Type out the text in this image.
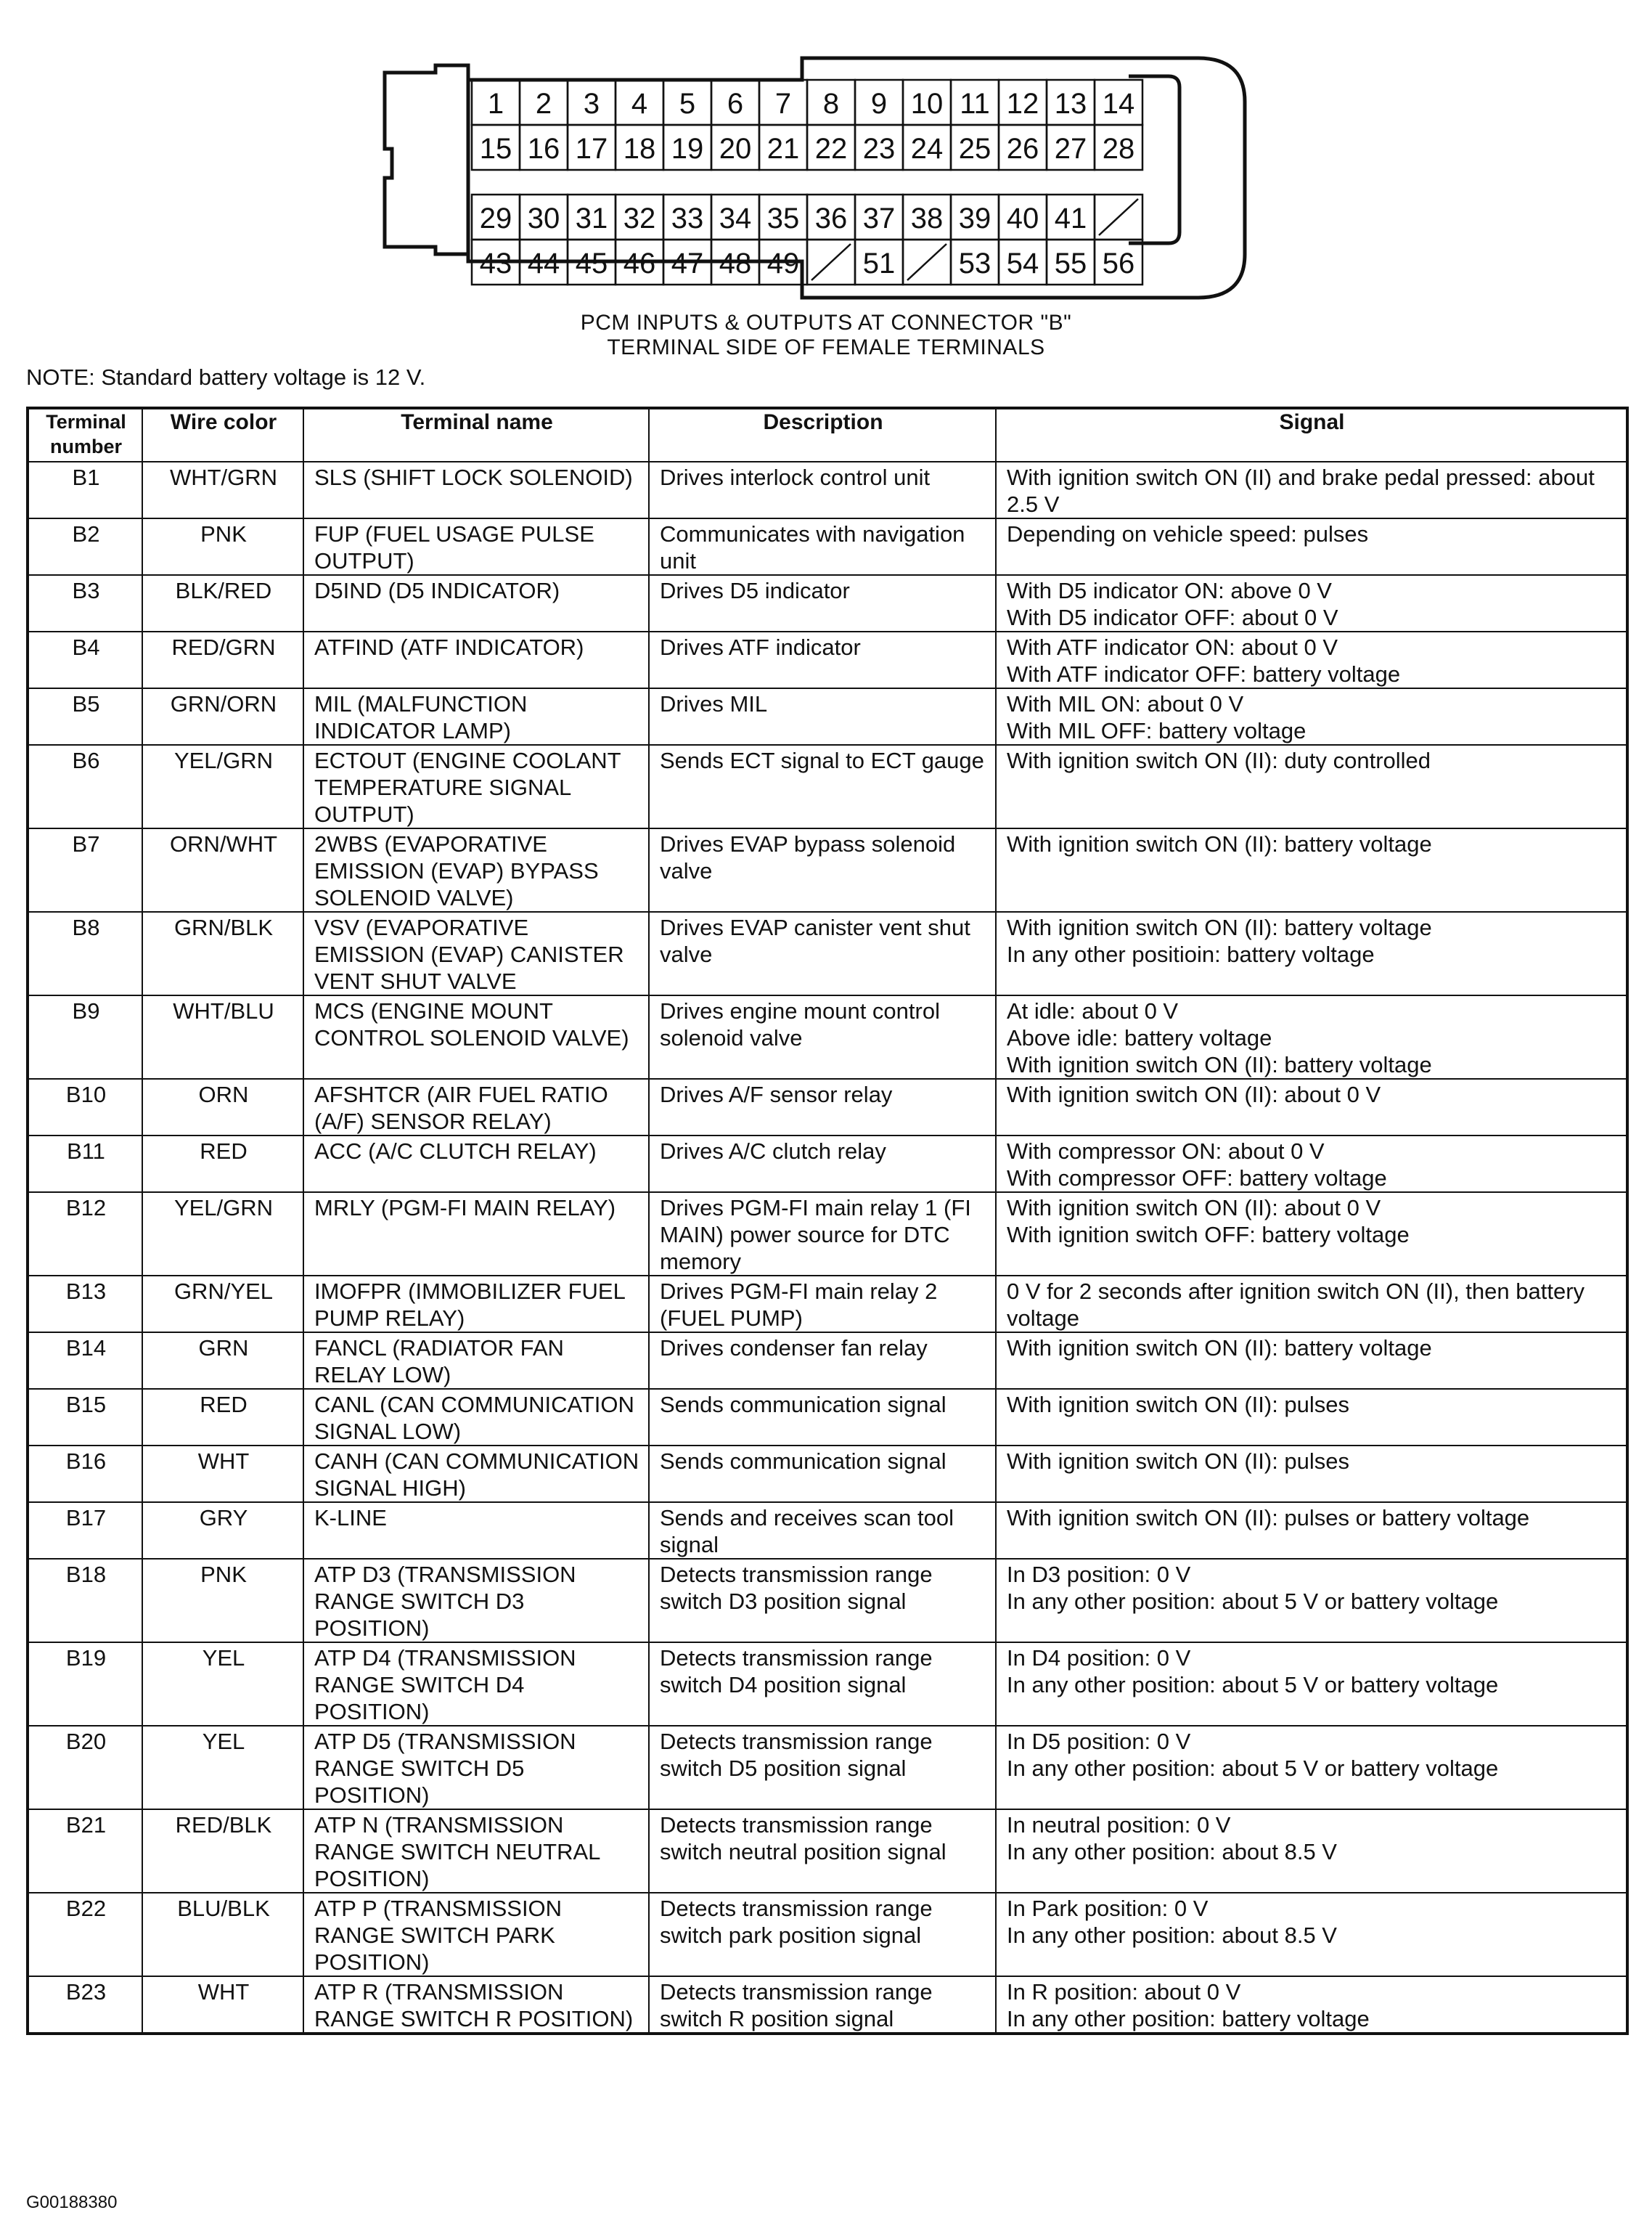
1 2 3 4 5 6 7 8 9 10 11 12 13 14
15 16 17 18 19 20 21 22 23 24 25 26 27 28
29 30 31 32 33 34 35 36 37 38 39 40 41
43 44 45 46 47 48 49 51 53 54 55 56
PCM INPUTS & OUTPUTS AT CONNECTOR "B"
TERMINAL SIDE OF FEMALE TERMINALS
NOTE: Standard battery voltage is 12 V.
Terminal number	Wire color	Terminal name	Description	Signal
B1	WHT/GRN	SLS (SHIFT LOCK SOLENOID)	Drives interlock control unit	With ignition switch ON (II) and brake pedal pressed: about 2.5 V

B2	PNK	FUP (FUEL USAGE PULSE OUTPUT)	Communicates with navigation unit	Depending on vehicle speed: pulses

B3	BLK/RED	D5IND (D5 INDICATOR)	Drives D5 indicator	With D5 indicator ON: above 0 V
With D5 indicator OFF: about 0 V

B4	RED/GRN	ATFIND (ATF INDICATOR)	Drives ATF indicator	With ATF indicator ON: about 0 V
With ATF indicator OFF: battery voltage

B5	GRN/ORN	MIL (MALFUNCTION INDICATOR LAMP)	Drives MIL	With MIL ON: about 0 V
With MIL OFF: battery voltage

B6	YEL/GRN	ECTOUT (ENGINE COOLANT TEMPERATURE SIGNAL OUTPUT)	Sends ECT signal to ECT gauge	With ignition switch ON (II): duty controlled

B7	ORN/WHT	2WBS (EVAPORATIVE EMISSION (EVAP) BYPASS SOLENOID VALVE)	Drives EVAP bypass solenoid valve	With ignition switch ON (II): battery voltage

B8	GRN/BLK	VSV (EVAPORATIVE EMISSION (EVAP) CANISTER VENT SHUT VALVE	Drives EVAP canister vent shut valve	With ignition switch ON (II): battery voltage
In any other positioin: battery voltage

B9	WHT/BLU	MCS (ENGINE MOUNT CONTROL SOLENOID VALVE)	Drives engine mount control solenoid valve	At idle: about 0 V
Above idle: battery voltage
With ignition switch ON (II): battery voltage

B10	ORN	AFSHTCR (AIR FUEL RATIO (A/F) SENSOR RELAY)	Drives A/F sensor relay	With ignition switch ON (II): about 0 V

B11	RED	ACC (A/C CLUTCH RELAY)	Drives A/C clutch relay	With compressor ON: about 0 V
With compressor OFF: battery voltage

B12	YEL/GRN	MRLY (PGM-FI MAIN RELAY)	Drives PGM-FI main relay 1 (FI MAIN) power source for DTC memory	With ignition switch ON (II): about 0 V
With ignition switch OFF: battery voltage

B13	GRN/YEL	IMOFPR (IMMOBILIZER FUEL PUMP RELAY)	Drives PGM-FI main relay 2 (FUEL PUMP)	0 V for 2 seconds after ignition switch ON (II), then battery voltage

B14	GRN	FANCL (RADIATOR FAN RELAY LOW)	Drives condenser fan relay	With ignition switch ON (II): battery voltage

B15	RED	CANL (CAN COMMUNICATION SIGNAL LOW)	Sends communication signal	With ignition switch ON (II): pulses

B16	WHT	CANH (CAN COMMUNICATION SIGNAL HIGH)	Sends communication signal	With ignition switch ON (II): pulses

B17	GRY	K-LINE	Sends and receives scan tool signal	With ignition switch ON (II): pulses or battery voltage

B18	PNK	ATP D3 (TRANSMISSION RANGE SWITCH D3 POSITION)	Detects transmission range switch D3 position signal	In D3 position: 0 V
In any other position: about 5 V or battery voltage

B19	YEL	ATP D4 (TRANSMISSION RANGE SWITCH D4 POSITION)	Detects transmission range switch D4 position signal	In D4 position: 0 V
In any other position: about 5 V or battery voltage

B20	YEL	ATP D5 (TRANSMISSION RANGE SWITCH D5 POSITION)	Detects transmission range switch D5 position signal	In D5 position: 0 V
In any other position: about 5 V or battery voltage

B21	RED/BLK	ATP N (TRANSMISSION RANGE SWITCH NEUTRAL POSITION)	Detects transmission range switch neutral position signal	In neutral position: 0 V
In any other position: about 8.5 V

B22	BLU/BLK	ATP P (TRANSMISSION RANGE SWITCH PARK POSITION)	Detects transmission range switch park position signal	In Park position: 0 V
In any other position: about 8.5 V

B23	WHT	ATP R (TRANSMISSION RANGE SWITCH R POSITION)	Detects transmission range switch R position signal	In R position: about 0 V
In any other position: battery voltage
G00188380
